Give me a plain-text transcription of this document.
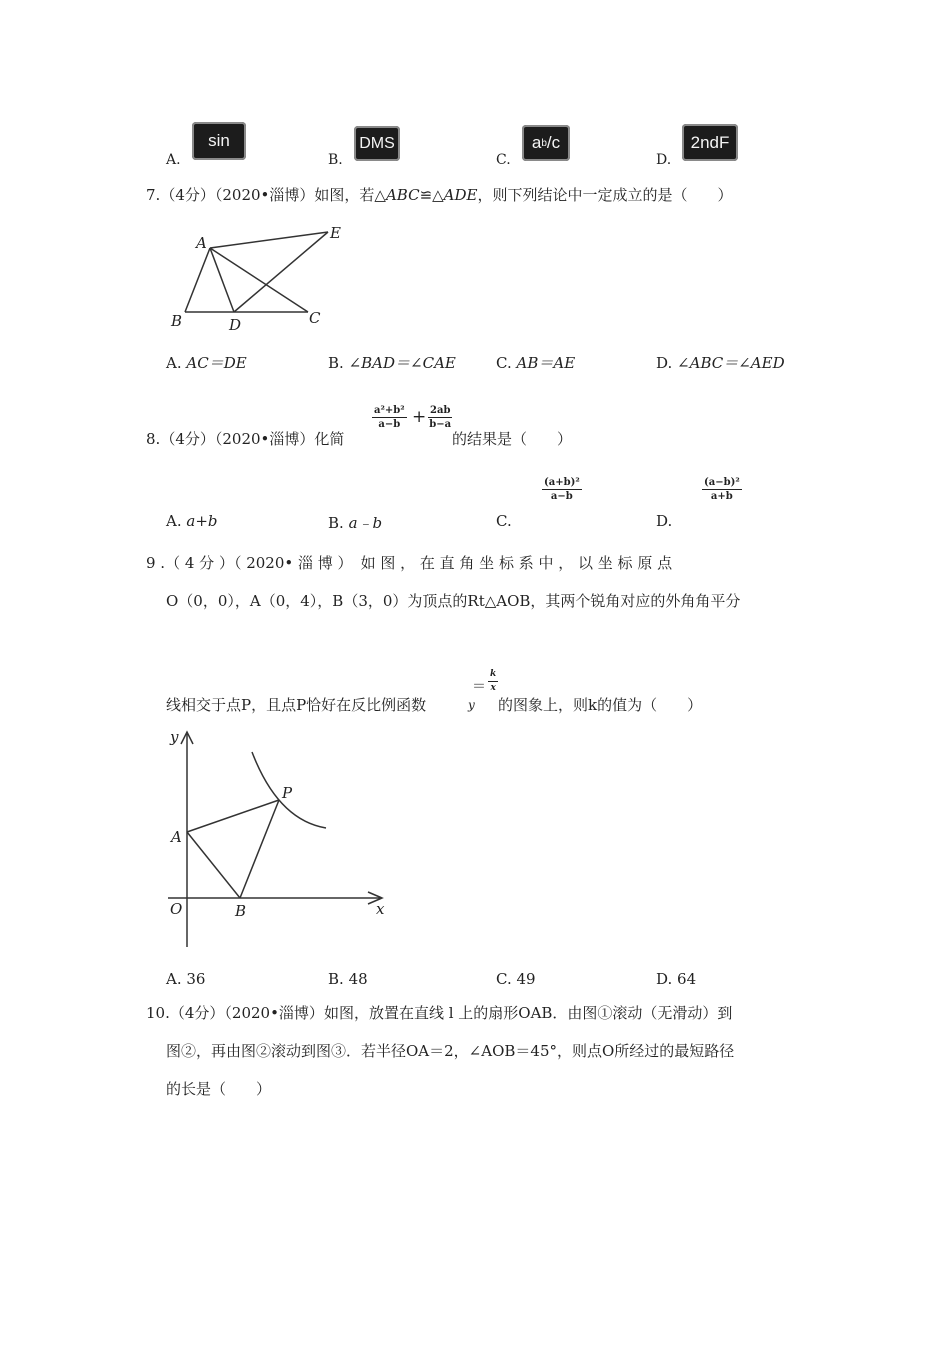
A.
sin
B.
DMS
C.
a b /c
D.
2ndF
7.（4分）（2020•淄博）如图，若△ABC≌△ADE，则下列结论中一定成立的是（　　）
A
B	D	C
E
A. AC＝DE	B. ∠BAD＝∠CAE	C. AB＝AE	D. ∠ABC＝∠AED
8.（4分）（2020•淄博）化简
$\frac{\text{a²+b²}}{a-b} + \frac{2ab}{b-a}$
的结果是（　　）
A. a+b	B. a﹣b	C.
$\frac{\text{(a+b)²}}{a-b}$
D.
$\frac{\text{(a−b)²}}{a+b}$
9 .（ 4 分 ）（ 2020• 淄 博 ） 如 图 ， 在 直 角 坐 标 系 中 ， 以 坐 标 原 点
O（0，0），A（0，4），B（3，0）为顶点的Rt△AOB，其两个锐角对应的外角角平分
线相交于点P，且点P恰好在反比例函数	y
＝ $\frac{k}{x}$
的图象上，则k的值为（　　）
y
x
O
A
B
P
A. 36	B. 48	C. 49	D. 64
10.（4分）（2020•淄博）如图，放置在直线 l 上的扇形OAB．由图①滚动（无滑动）到
图②，再由图②滚动到图③．若半径OA＝2，∠AOB＝45°，则点O所经过的最短路径
的长是（　　）
